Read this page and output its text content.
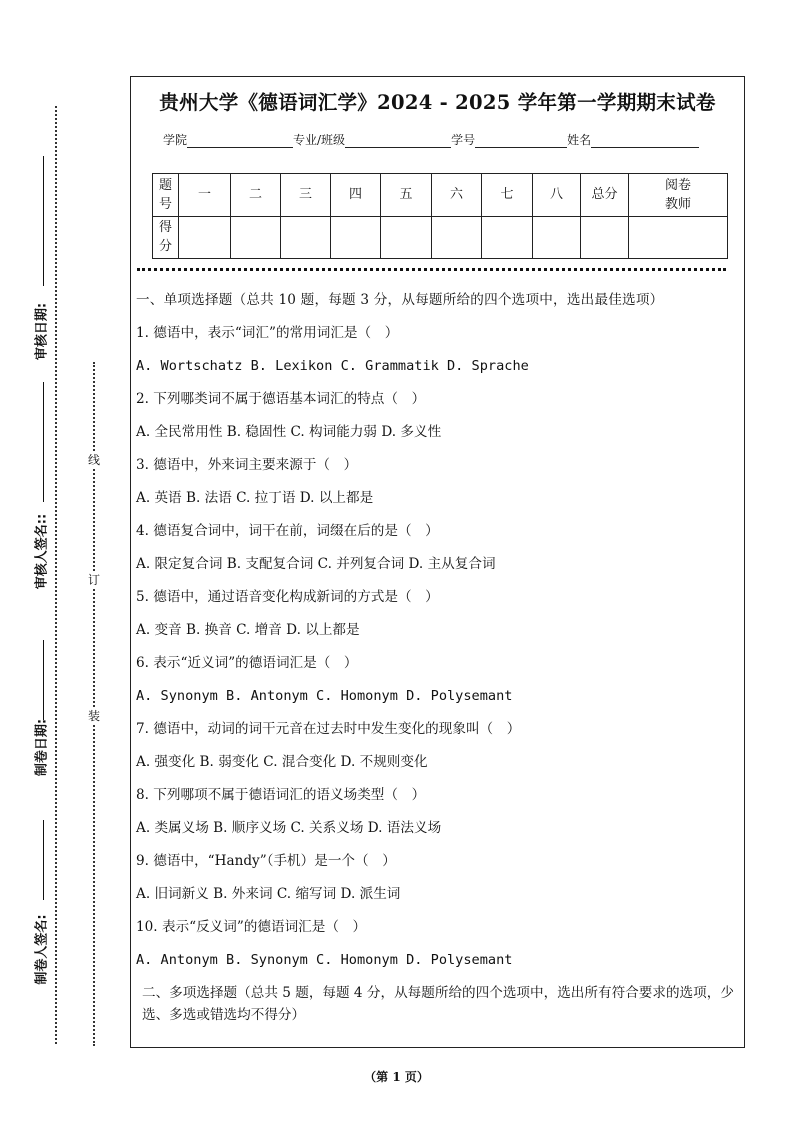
审核日期:
审核人签名::
制卷日期:
制卷人签名:
线
订
装
贵州大学《德语词汇学》2024 - 2025 学年第一学期期末试卷
学院	专业/班级	学号	姓名
题号	一	二	三	四	五	六	七	八	总分	阅卷教师
得分										
一、单项选择题（总共 10 题，每题 3 分，从每题所给的四个选项中，选出最佳选项）
1. 德语中，表示“词汇”的常用词汇是（　）
A. Wortschatz B. Lexikon C. Grammatik D. Sprache
2. 下列哪类词不属于德语基本词汇的特点（　）
A. 全民常用性 B. 稳固性 C. 构词能力弱 D. 多义性
3. 德语中，外来词主要来源于（　）
A. 英语 B. 法语 C. 拉丁语 D. 以上都是
4. 德语复合词中，词干在前，词缀在后的是（　）
A. 限定复合词 B. 支配复合词 C. 并列复合词 D. 主从复合词
5. 德语中，通过语音变化构成新词的方式是（　）
A. 变音 B. 换音 C. 增音 D. 以上都是
6. 表示“近义词”的德语词汇是（　）
A. Synonym B. Antonym C. Homonym D. Polysemant
7. 德语中，动词的词干元音在过去时中发生变化的现象叫（　）
A. 强变化 B. 弱变化 C. 混合变化 D. 不规则变化
8. 下列哪项不属于德语词汇的语义场类型（　）
A. 类属义场 B. 顺序义场 C. 关系义场 D. 语法义场
9. 德语中，“Handy”（手机）是一个（　）
A. 旧词新义 B. 外来词 C. 缩写词 D. 派生词
10. 表示“反义词”的德语词汇是（　）
A. Antonym B. Synonym C. Homonym D. Polysemant
二、多项选择题（总共 5 题，每题 4 分，从每题所给的四个选项中，选出所有符合要求的选项，少选、多选或错选均不得分）
（第 1 页）
